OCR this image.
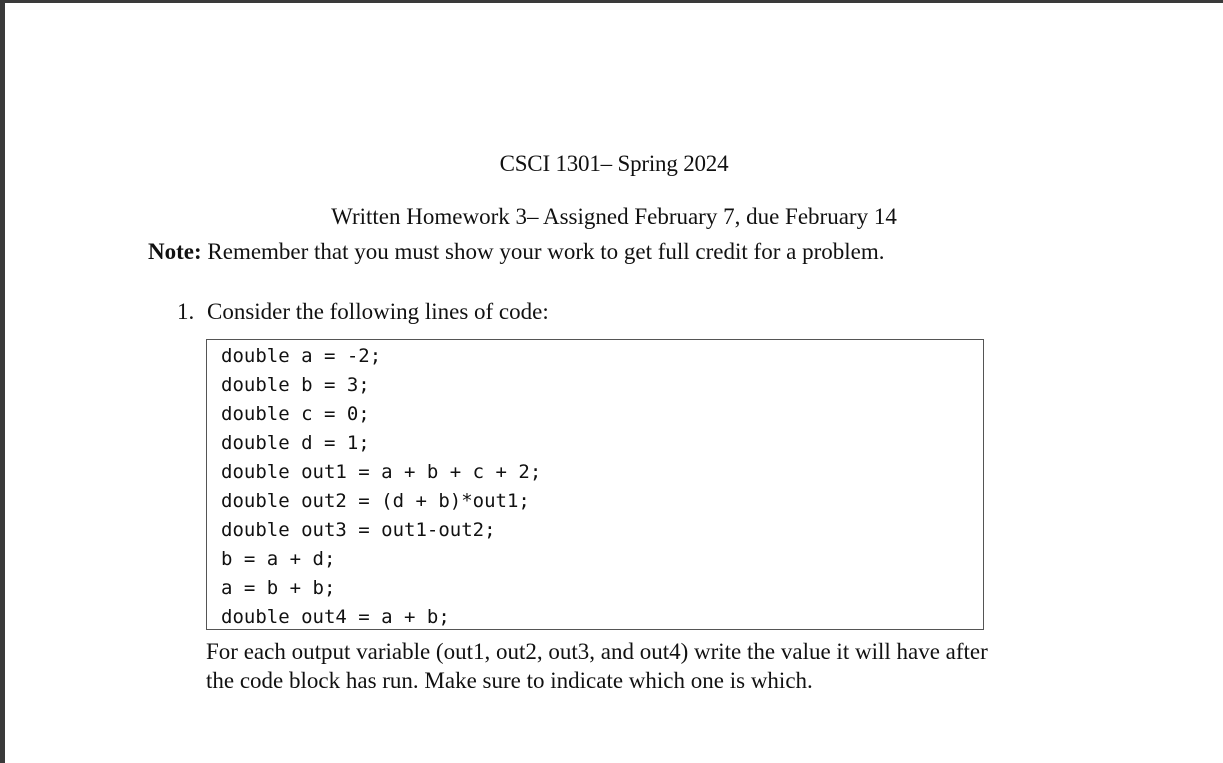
CSCI 1301– Spring 2024
Written Homework 3– Assigned February 7, due February 14
Note: Remember that you must show your work to get full credit for a problem.
1. Consider the following lines of code:
double a = -2;
double b = 3;
double c = 0;
double d = 1;
double out1 = a + b + c + 2;
double out2 = (d + b)*out1;
double out3 = out1-out2;
b = a + d;
a = b + b;
double out4 = a + b;
For each output variable (out1, out2, out3, and out4) write the value it will have after
the code block has run. Make sure to indicate which one is which.
